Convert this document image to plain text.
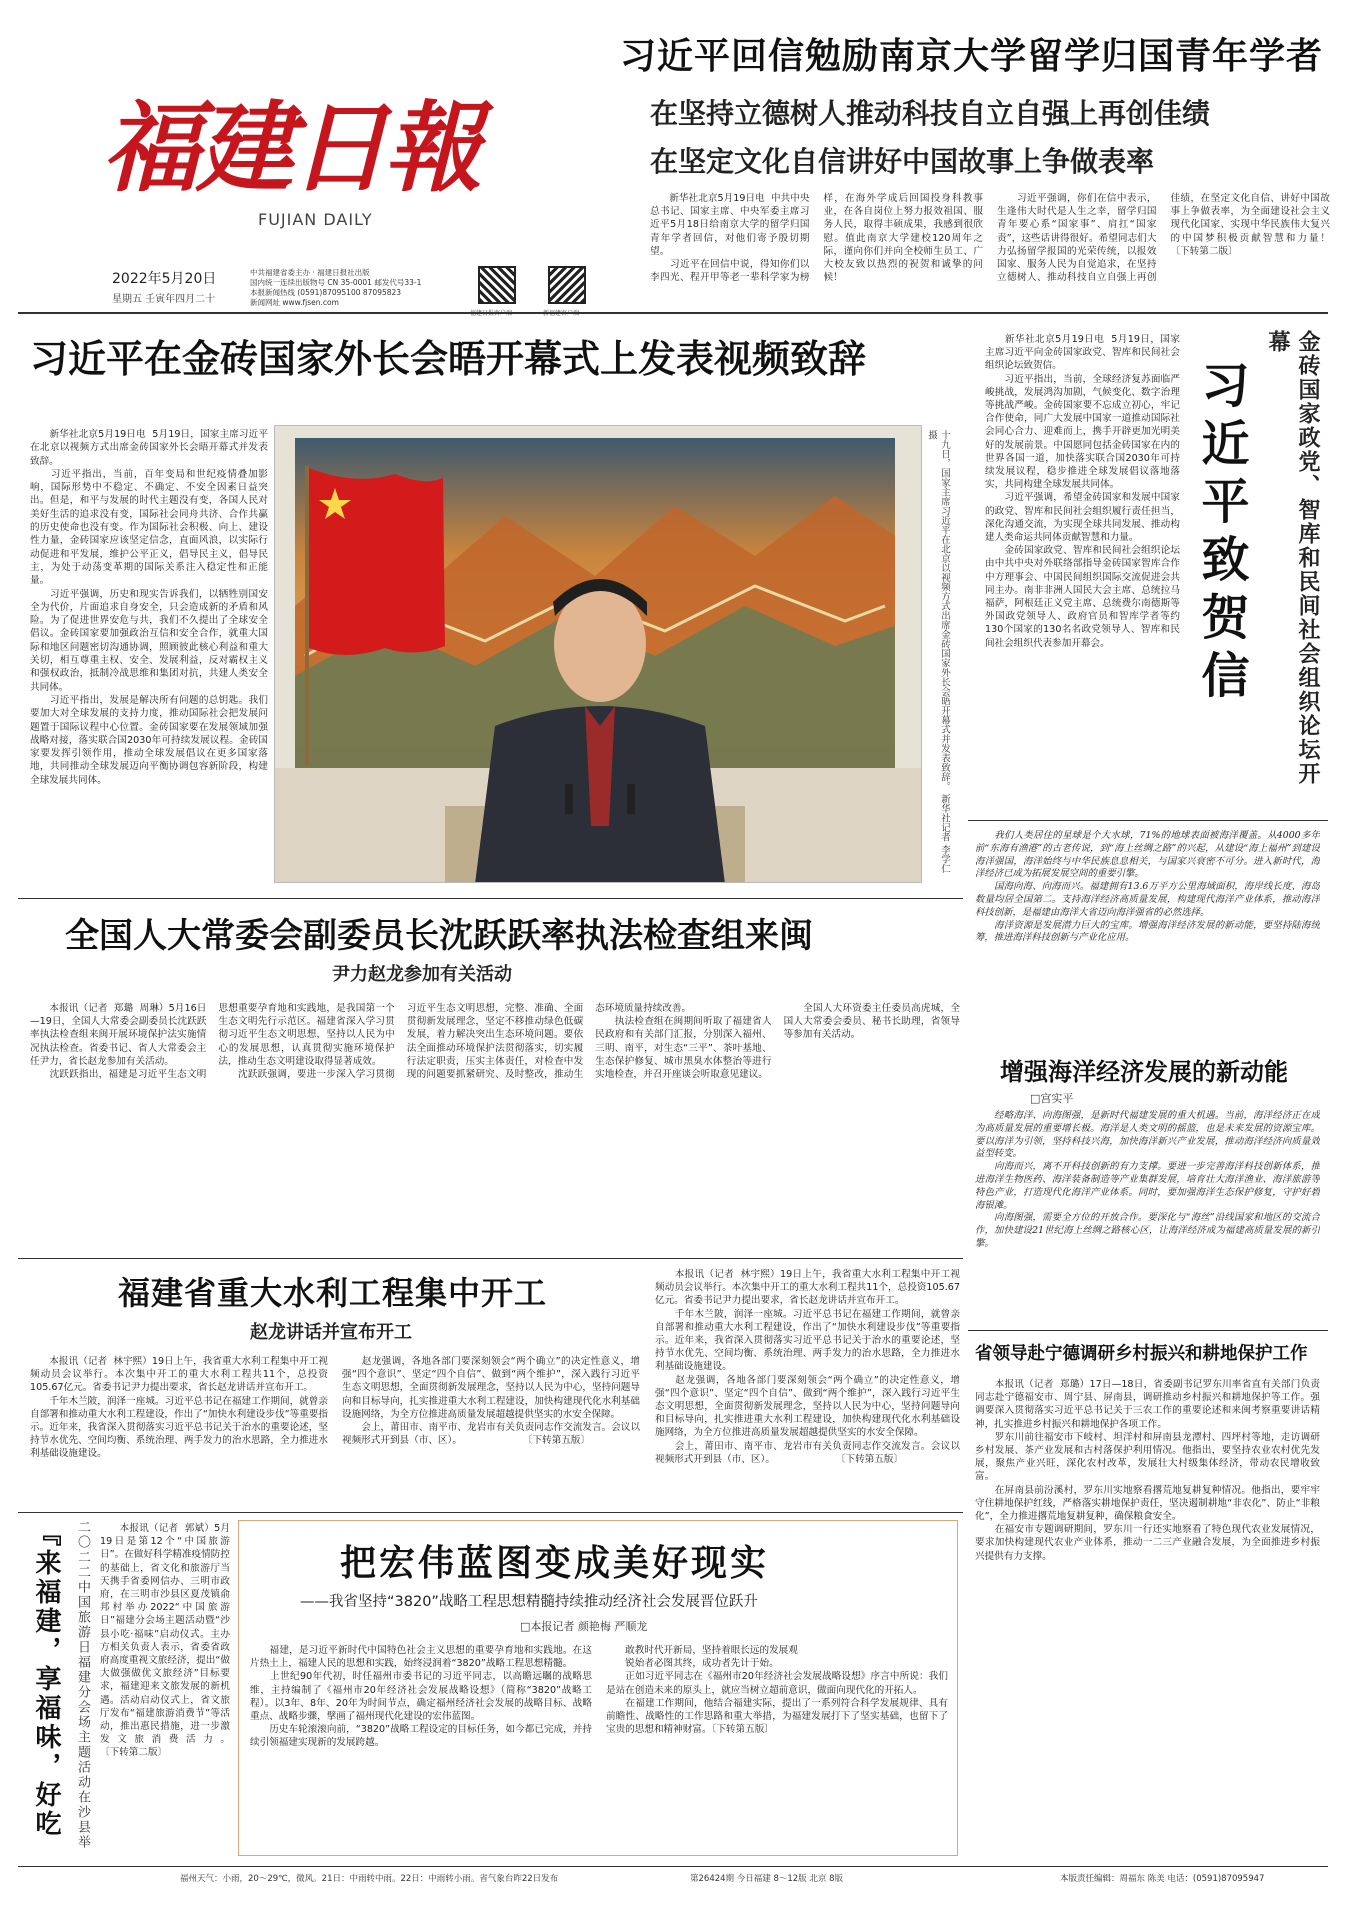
福建日報
FUJIAN DAILY
2022年5月20日
星期五 壬寅年四月二十
中共福建省委主办 · 福建日报社出版
国内统一连续出版物号 CN 35-0001 邮发代号33-1
本报新闻热线 (0591)87095100 87095823
新闻网址 www.fjsen.com
习近平回信勉励南京大学留学归国青年学者
在坚持立德树人推动科技自立自强上再创佳绩
在坚定文化自信讲好中国故事上争做表率
　　新华社北京5月19日电  中共中央总书记、国家主席、中央军委主席习近平5月18日给南京大学的留学归国青年学者回信，对他们寄予殷切期望。
　　习近平在回信中说，得知你们以李四光、程开甲等老一辈科学家为榜样，在海外学成后回国投身科教事业，在各自岗位上努力报效祖国、服务人民，取得丰硕成果，我感到很欣慰。值此南京大学建校120周年之际，谨向你们并向全校师生员工、广大校友致以热烈的祝贺和诚挚的问候！
　　习近平强调，你们在信中表示，生逢伟大时代是人生之幸，留学归国青年要心系“国家事”、肩扛“国家责”，这些话讲得很好。希望同志们大力弘扬留学报国的光荣传统，以报效国家、服务人民为自觉追求，在坚持立德树人、推动科技自立自强上再创佳绩，在坚定文化自信、讲好中国故事上争做表率，为全面建设社会主义现代化国家、实现中华民族伟大复兴的中国梦积极贡献智慧和力量！          〔下转第二版〕
习近平在金砖国家外长会晤开幕式上发表视频致辞
　　新华社北京5月19日电  5月19日，国家主席习近平在北京以视频方式出席金砖国家外长会晤开幕式并发表致辞。
　　习近平指出，当前，百年变局和世纪疫情叠加影响，国际形势中不稳定、不确定、不安全因素日益突出。但是，和平与发展的时代主题没有变，各国人民对美好生活的追求没有变，国际社会同舟共济、合作共赢的历史使命也没有变。作为国际社会积极、向上、建设性力量，金砖国家应该坚定信念，直面风浪，以实际行动促进和平发展，维护公平正义，倡导民主义，倡导民主，为处于动荡变革期的国际关系注入稳定性和正能量。
　　习近平强调，历史和现实告诉我们，以牺牲别国安全为代价，片面追求自身安全，只会造成新的矛盾和风险。为了促进世界安危与共，我们不久提出了全球安全倡议。金砖国家要加强政治互信和安全合作，就重大国际和地区问题密切沟通协调，照顾彼此核心利益和重大关切，相互尊重主权、安全、发展利益，反对霸权主义和强权政治，抵制冷战思维和集团对抗，共建人类安全共同体。
　　习近平指出，发展是解决所有问题的总钥匙。我们要加大对全球发展的支持力度，推动国际社会把发展问题置于国际议程中心位置。金砖国家要在发展领域加强战略对接，落实联合国2030年可持续发展议程。金砖国家要发挥引领作用，推动全球发展倡议在更多国家落地，共同推动全球发展迈向平衡协调包容新阶段，构建全球发展共同体。	十九日，国家主席习近平在北京以视频方式出席金砖国家外长会晤开幕式并发表致辞。 新华社记者 李学仁 摄
　　新华社北京5月19日电  5月19日，国家主席习近平向金砖国家政党、智库和民间社会组织论坛致贺信。
　　习近平指出，当前，全球经济复苏面临严峻挑战，发展鸿沟加剧，气候变化、数字治理等挑战严峻。金砖国家要不忘成立初心，牢记合作使命，同广大发展中国家一道推动国际社会同心合力、迎难而上，携手开辟更加光明美好的发展前景。中国愿同包括金砖国家在内的世界各国一道，加快落实联合国2030年可持续发展议程，稳步推进全球发展倡议落地落实，共同构建全球发展共同体。
　　习近平强调，希望金砖国家和发展中国家的政党、智库和民间社会组织履行责任担当，深化沟通交流，为实现全球共同发展、推动构建人类命运共同体贡献智慧和力量。
　　金砖国家政党、智库和民间社会组织论坛由中共中央对外联络部指导金砖国家智库合作中方理事会、中国民间组织国际交流促进会共同主办。南非非洲人国民大会主席、总统拉马福萨，阿根廷正义党主席、总统费尔南德斯等外国政党领导人、政府官员和智库学者等约130个国家的130名名政党领导人、智库和民间社会组织代表参加开幕会。	习近平致贺信	金砖国家政党、智库和民间社会组织论坛开幕
　　我们人类居住的星球是个大水球，71%的地球表面被海洋覆盖。从4000多年前“东海有渔港”的古老传说，到“海上丝绸之路”的兴起，从建设“海上福州”到建设海洋强国，海洋始终与中华民族息息相关，与国家兴衰密不可分。进入新时代，海洋经济已成为拓展发展空间的重要引擎。
　　国海向海、向海而兴。福建拥有13.6万平方公里海域面积，海岸线长度、海岛数量均居全国第二。支持海洋经济高质量发展，构建现代海洋产业体系，推动海洋科技创新，是福建由海洋大省迈向海洋强省的必然选择。
　　海洋资源是发展潜力巨大的宝库。增强海洋经济发展的新动能，要坚持陆海统筹，推进海洋科技创新与产业化应用。
增强海洋经济发展的新动能
□宫实平
　　经略海洋、向海图强，是新时代福建发展的重大机遇。当前，海洋经济正在成为高质量发展的重要增长极。海洋是人类文明的摇篮，也是未来发展的资源宝库。要以海洋为引领，坚持科技兴海，加快海洋新兴产业发展，推动海洋经济向质量效益型转变。
　　向海而兴，离不开科技创新的有力支撑。要进一步完善海洋科技创新体系，推进海洋生物医药、海洋装备制造等产业集群发展，培育壮大海洋渔业、海洋旅游等特色产业，打造现代化海洋产业体系。同时，要加强海洋生态保护修复，守护好碧海银滩。
　　向海图强，需要全方位的开放合作。要深化与“海丝”沿线国家和地区的交流合作，加快建设21世纪海上丝绸之路核心区，让海洋经济成为福建高质量发展的新引擎。
全国人大常委会副委员长沈跃跃率执法检查组来闽
尹力赵龙参加有关活动
　　本报讯（记者  郑璐  周琳）5月16日—19日，全国人大常委会副委员长沈跃跃率执法检查组来闽开展环境保护法实施情况执法检查。省委书记、省人大常委会主任尹力，省长赵龙参加有关活动。
　　沈跃跃指出，福建是习近平生态文明思想重要孕育地和实践地，是我国第一个生态文明先行示范区。福建省深入学习贯彻习近平生态文明思想，坚持以人民为中心的发展思想，认真贯彻实施环境保护法，推动生态文明建设取得显著成效。
　　沈跃跃强调，要进一步深入学习贯彻习近平生态文明思想，完整、准确、全面贯彻新发展理念，坚定不移推动绿色低碳发展，着力解决突出生态环境问题。要依法全面推动环境保护法贯彻落实，切实履行法定职责，压实主体责任，对检查中发现的问题要抓紧研究、及时整改，推动生态环境质量持续改善。
　　执法检查组在闽期间听取了福建省人民政府和有关部门汇报，分别深入福州、三明、南平，对生态“三平”、茶叶基地、生态保护修复、城市黑臭水体整治等进行实地检查，并召开座谈会听取意见建议。
　　全国人大环资委主任委员高虎城，全国人大常委会委员、秘书长助理，省领导等参加有关活动。
福建省重大水利工程集中开工
赵龙讲话并宣布开工
　　本报讯（记者  林宇熙）19日上午，我省重大水利工程集中开工视频动员会议举行。本次集中开工的重大水利工程共11个，总投资105.67亿元。省委书记尹力提出要求，省长赵龙讲话并宣布开工。
　　千年木兰陂，润泽一座城。习近平总书记在福建工作期间，就曾亲自部署和推动重大水利工程建设，作出了“加快水利建设步伐”等重要指示。近年来，我省深入贯彻落实习近平总书记关于治水的重要论述，坚持节水优先、空间均衡、系统治理、两手发力的治水思路，全力推进水利基础设施建设。
　　赵龙强调，各地各部门要深刻领会“两个确立”的决定性意义，增强“四个意识”、坚定“四个自信”、做到“两个维护”，深入践行习近平生态文明思想，全面贯彻新发展理念，坚持以人民为中心，坚持问题导向和目标导向，扎实推进重大水利工程建设，加快构建现代化水利基础设施网络，为全方位推进高质量发展超越提供坚实的水安全保障。
　　会上，莆田市、南平市、龙岩市有关负责同志作交流发言。会议以视频形式开到县（市、区）。                    〔下转第五版〕
　　本报讯（记者  林宇熙）19日上午，我省重大水利工程集中开工视频动员会议举行。本次集中开工的重大水利工程共11个，总投资105.67亿元。省委书记尹力提出要求，省长赵龙讲话并宣布开工。
　　千年木兰陂，润泽一座城。习近平总书记在福建工作期间，就曾亲自部署和推动重大水利工程建设，作出了“加快水利建设步伐”等重要指示。近年来，我省深入贯彻落实习近平总书记关于治水的重要论述，坚持节水优先、空间均衡、系统治理、两手发力的治水思路，全力推进水利基础设施建设。
　　赵龙强调，各地各部门要深刻领会“两个确立”的决定性意义，增强“四个意识”、坚定“四个自信”、做到“两个维护”，深入践行习近平生态文明思想，全面贯彻新发展理念，坚持以人民为中心，坚持问题导向和目标导向，扎实推进重大水利工程建设，加快构建现代化水利基础设施网络，为全方位推进高质量发展超越提供坚实的水安全保障。
　　会上，莆田市、南平市、龙岩市有关负责同志作交流发言。会议以视频形式开到县（市、区）。                    〔下转第五版〕
『来福建，享福味，好吃
二〇二二中国旅游日福建分会场主题活动在沙县举
　　本报讯（记者  郭斌）5月19日是第12个“中国旅游日”。在做好科学精准疫情防控的基础上，省文化和旅游厅当天携手省委网信办、三明市政府，在三明市沙县区夏茂镇俞邦村举办2022“中国旅游日”福建分会场主题活动暨“沙县小吃·福味”启动仪式。主办方相关负责人表示，省委省政府高度重视文旅经济，提出“做大做强做优文旅经济”目标要求，福建迎来文旅发展的新机遇。活动启动仪式上，省文旅厅发布“福建旅游消费节”等活动，推出惠民措施，进一步激发文旅消费活力。                    〔下转第二版〕
把宏伟蓝图变成美好现实
——我省坚持“3820”战略工程思想精髓持续推动经济社会发展晋位跃升
□本报记者 颜艳梅 严顺龙
　　福建，是习近平新时代中国特色社会主义思想的重要孕育地和实践地。在这片热土上，福建人民的思想和实践，始终浸润着“3820”战略工程思想精髓。
　　上世纪90年代初，时任福州市委书记的习近平同志，以高瞻远瞩的战略思维，主持编制了《福州市20年经济社会发展战略设想》（简称“3820”战略工程）。以3年、8年、20年为时间节点，确定福州经济社会发展的战略目标、战略重点、战略步骤，擘画了福州现代化建设的宏伟蓝图。
　　历史车轮滚滚向前，“3820”战略工程设定的目标任务，如今都已完成，并持续引领福建实现新的发展跨越。
　　敢教时代开新局，坚持着眼长远的发展观
　　锐始者必图其终，成功者先计于始。
　　正如习近平同志在《福州市20年经济社会发展战略设想》序言中所说：我们是站在创造未来的原头上，就应当树立超前意识，做面向现代化的开拓人。
　　在福建工作期间，他结合福建实际，提出了一系列符合科学发展规律、具有前瞻性、战略性的工作思路和重大举措，为福建发展打下了坚实基础，也留下了宝贵的思想和精神财富。〔下转第五版〕
省领导赴宁德调研乡村振兴和耕地保护工作
　　本报讯（记者  郑璐）17日—18日，省委副书记罗东川率省直有关部门负责同志赴宁德福安市、周宁县、屏南县，调研推动乡村振兴和耕地保护等工作。强调要深入贯彻落实习近平总书记关于三农工作的重要论述和来闽考察重要讲话精神，扎实推进乡村振兴和耕地保护各项工作。
　　罗东川前往福安市下岐村、坦洋村和屏南县龙潭村、四坪村等地，走访调研乡村发展、茶产业发展和古村落保护利用情况。他指出，要坚持农业农村优先发展，聚焦产业兴旺，深化农村改革，发展壮大村级集体经济，带动农民增收致富。
　　在屏南县前汾溪村，罗东川实地察看撂荒地复耕复种情况。他指出，要牢牢守住耕地保护红线，严格落实耕地保护责任，坚决遏制耕地“非农化”、防止“非粮化”，全力推进撂荒地复耕复种，确保粮食安全。
　　在福安市专题调研期间，罗东川一行还实地察看了特色现代农业发展情况，要求加快构建现代农业产业体系，推动一二三产业融合发展，为全面推进乡村振兴提供有力支撑。
福州天气：小雨，20～29℃，微风。21日：中雨转中雨。22日：中雨转小雨。省气象台昨22日发布	第26424期 今日福建 8～12版 北京 8版	本版责任编辑：周福东 陈美 电话：(0591)87095947
